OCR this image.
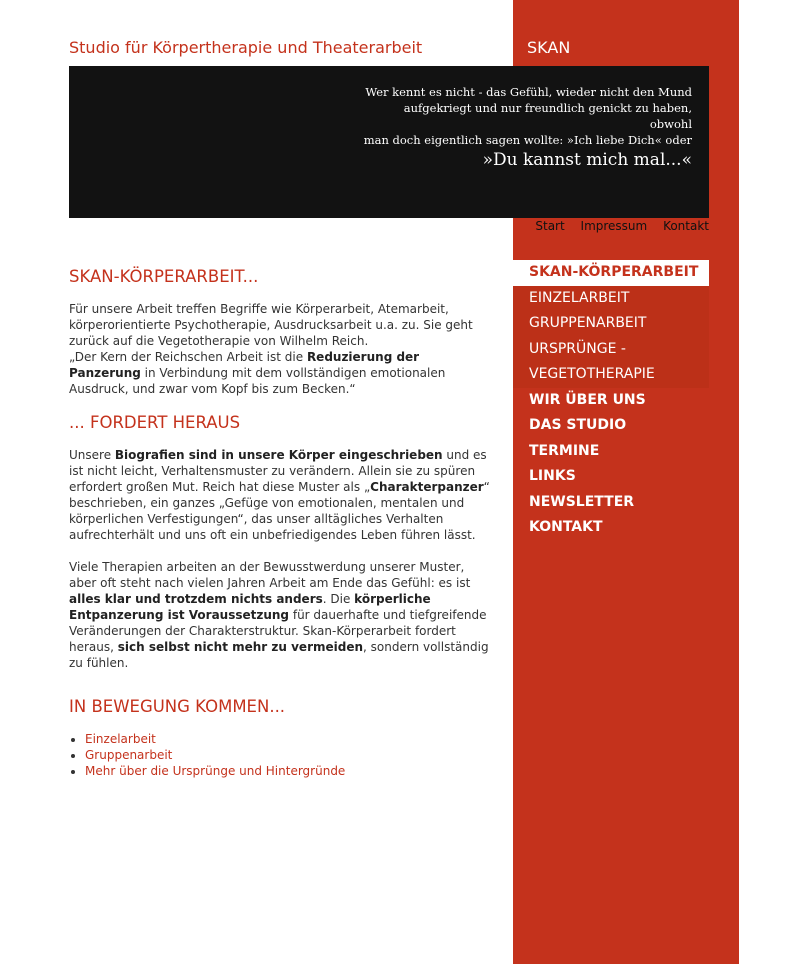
Studio für Körpertherapie und Theaterarbeit	SKAN
Wer kennt es nicht - das Gefühl, wieder nicht den Mund
aufgekriegt und nur freundlich genickt zu haben, obwohl
man doch eigentlich sagen wollte: »Ich liebe Dich« oder
»Du kannst mich mal...«
Start Impressum Kontakt
SKAN-KÖRPERARBEIT...

Für unsere Arbeit treffen Begriffe wie Körperarbeit, Atemarbeit, körperorientierte Psychotherapie, Ausdrucksarbeit u.a. zu. Sie geht zurück auf die Vegetotherapie von Wilhelm Reich.
„Der Kern der Reichschen Arbeit ist die Reduzierung der Panzerung in Verbindung mit dem vollständigen emotionalen Ausdruck, und zwar vom Kopf bis zum Becken.“

... FORDERT HERAUS

Unsere Biografien sind in unsere Körper eingeschrieben und es ist nicht leicht, Verhaltensmuster zu verändern. Allein sie zu spüren erfordert großen Mut. Reich hat diese Muster als „Charakterpanzer“ beschrieben, ein ganzes „Gefüge von emotionalen, mentalen und körperlichen Verfestigungen“, das unser alltägliches Verhalten aufrechterhält und uns oft ein unbefriedigendes Leben führen lässt.

Viele Therapien arbeiten an der Bewusstwerdung unserer Muster, aber oft steht nach vielen Jahren Arbeit am Ende das Gefühl: es ist alles klar und trotzdem nichts anders. Die körperliche Entpanzerung ist Voraussetzung für dauerhafte und tiefgreifende Veränderungen der Charakterstruktur. Skan-Körperarbeit fordert heraus, sich selbst nicht mehr zu vermeiden, sondern vollständig zu fühlen.

IN BEWEGUNG KOMMEN...
• Einzelarbeit
• Gruppenarbeit
• Mehr über die Ursprünge und Hintergründe
SKAN-KÖRPERARBEIT
EINZELARBEIT
GRUPPENARBEIT
URSPRÜNGE -
VEGETOTHERAPIE
WIR ÜBER UNS
DAS STUDIO
TERMINE
LINKS
NEWSLETTER
KONTAKT
